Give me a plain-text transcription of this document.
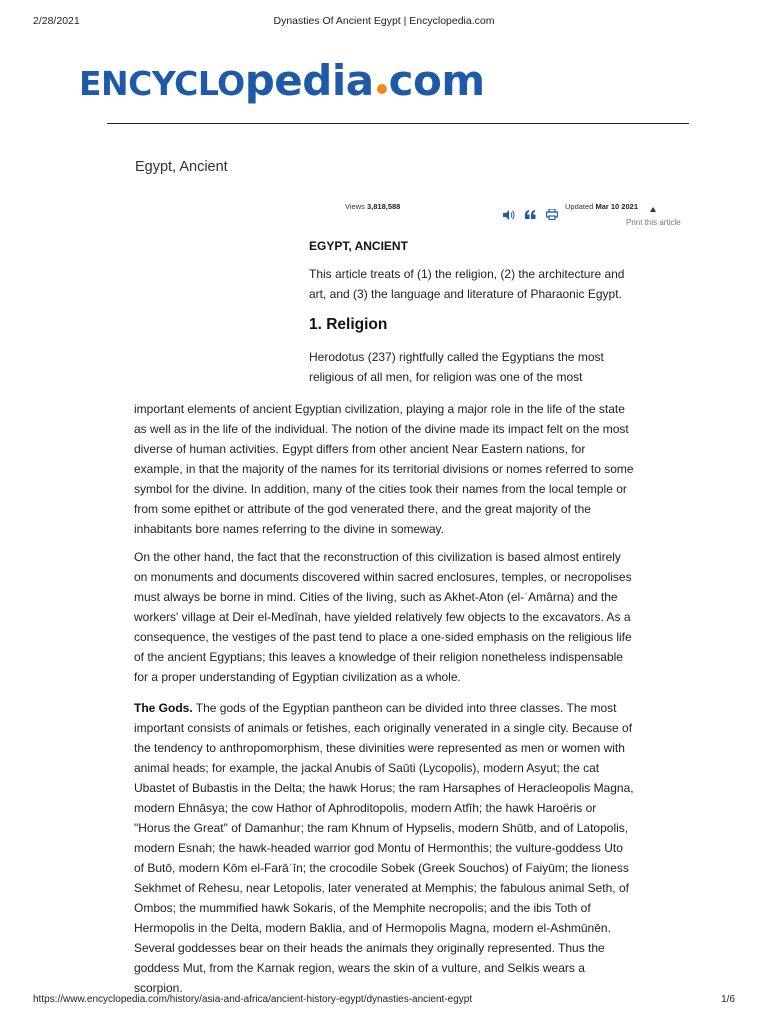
2/28/2021	Dynasties Of Ancient Egypt | Encyclopedia.com
ENCYCLOpedia com
Egypt, Ancient
Views 3,818,588	Updated Mar 10 2021
Print this article
EGYPT, ANCIENT

This article treats of (1) the religion, (2) the architecture and art, and (3) the language and literature of Pharaonic Egypt.

1. Religion

Herodotus (237) rightfully called the Egyptians the most religious of all men, for religion was one of the most

important elements of ancient Egyptian civilization, playing a major role in the life of the state as well as in the life of the individual. The notion of the divine made its impact felt on the most diverse of human activities. Egypt differs from other ancient Near Eastern nations, for example, in that the majority of the names for its territorial divisions or nomes referred to some symbol for the divine. In addition, many of the cities took their names from the local temple or from some epithet or attribute of the god venerated there, and the great majority of the inhabitants bore names referring to the divine in someway.

On the other hand, the fact that the reconstruction of this civilization is based almost entirely on monuments and documents discovered within sacred enclosures, temples, or necropolises must always be borne in mind. Cities of the living, such as Akhet-Aton (el-ʿAmârna) and the workers' village at Deir el-Medînah, have yielded relatively few objects to the excavators. As a consequence, the vestiges of the past tend to place a one-sided emphasis on the religious life of the ancient Egyptians; this leaves a knowledge of their religion nonetheless indispensable for a proper understanding of Egyptian civilization as a whole.

The Gods. The gods of the Egyptian pantheon can be divided into three classes. The most important consists of animals or fetishes, each originally venerated in a single city. Because of the tendency to anthropomorphism, these divinities were represented as men or women with animal heads; for example, the jackal Anubis of Saūti (Lycopolis), modern Asyut; the cat Ubastet of Bubastis in the Delta; the hawk Horus; the ram Harsaphes of Heracleopolis Magna, modern Ehnāsya; the cow Hathor of Aphroditopolis, modern Atfīh; the hawk Haroëris or "Horus the Great" of Damanhur; the ram Khnum of Hypselis, modern Shūtb, and of Latopolis, modern Esnah; the hawk-headed warrior god Montu of Hermonthis; the vulture-goddess Uto of Butō, modern Kōm el-Farāʿīn; the crocodile Sobek (Greek Souchos) of Faiyūm; the lioness Sekhmet of Rehesu, near Letopolis, later venerated at Memphis; the fabulous animal Seth, of Ombos; the mummified hawk Sokaris, of the Memphite necropolis; and the ibis Toth of Hermopolis in the Delta, modern Baklia, and of Hermopolis Magna, modern el-Ashmūnēn. Several goddesses bear on their heads the animals they originally represented. Thus the goddess Mut, from the Karnak region, wears the skin of a vulture, and Selkis wears a scorpion.

https://www.encyclopedia.com/history/asia-and-africa/ancient-history-egypt/dynasties-ancient-egypt	1/6
